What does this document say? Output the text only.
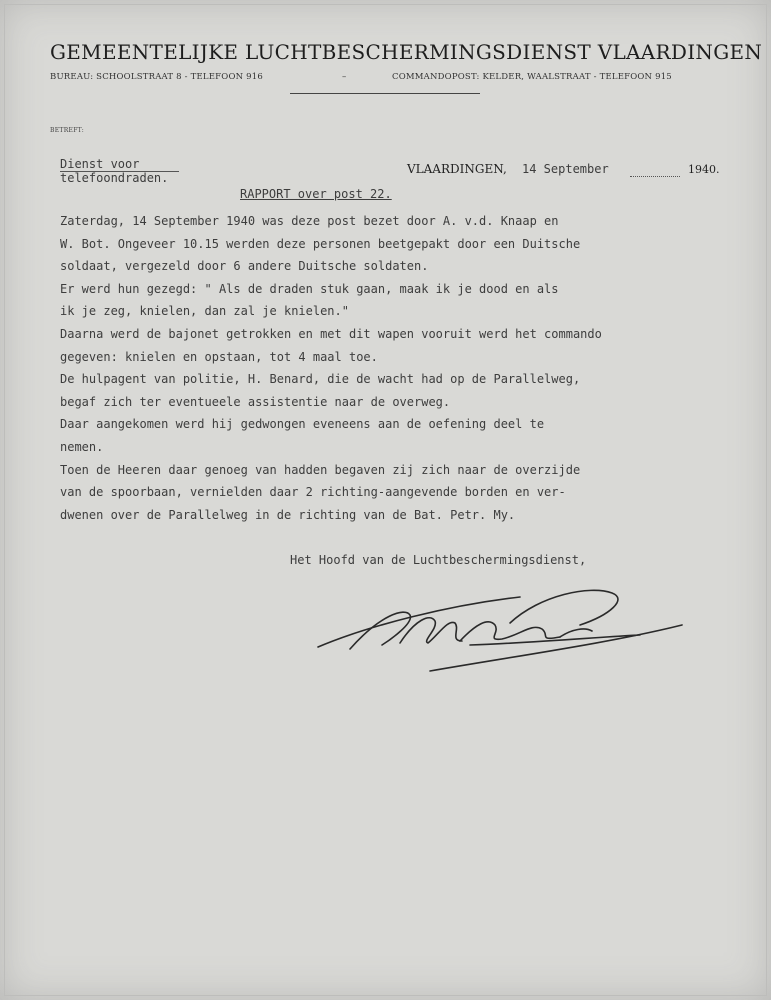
GEMEENTELIJKE LUCHTBESCHERMINGSDIENST VLAARDINGEN
BUREAU: SCHOOLSTRAAT 8 - TELEFOON 916	–	COMMANDOPOST: KELDER, WAALSTRAAT - TELEFOON 915
BETREFT:
Dienst voor
telefoondraden.
VLAARDINGEN, 14 September	1940.
RAPPORT over post 22.
Zaterdag, 14 September 1940 was deze post bezet door A. v.d. Knaap en
W. Bot. Ongeveer 10.15 werden deze personen beetgepakt door een Duitsche
soldaat, vergezeld door 6 andere Duitsche soldaten.
Er werd hun gezegd: " Als de draden stuk gaan, maak ik je dood en als
ik je zeg, knielen, dan zal je knielen."
Daarna werd de bajonet getrokken en met dit wapen vooruit werd het commando
gegeven: knielen en opstaan, tot 4 maal toe.
De hulpagent van politie, H. Benard, die de wacht had op de Parallelweg,
begaf zich ter eventueele assistentie naar de overweg.
Daar aangekomen werd hij gedwongen eveneens aan de oefening deel te
nemen.
Toen de Heeren daar genoeg van hadden begaven zij zich naar de overzijde
van de spoorbaan, vernielden daar 2 richting-aangevende borden en ver-
dwenen over de Parallelweg in de richting van de Bat. Petr. My.
Het Hoofd van de Luchtbeschermingsdienst,
